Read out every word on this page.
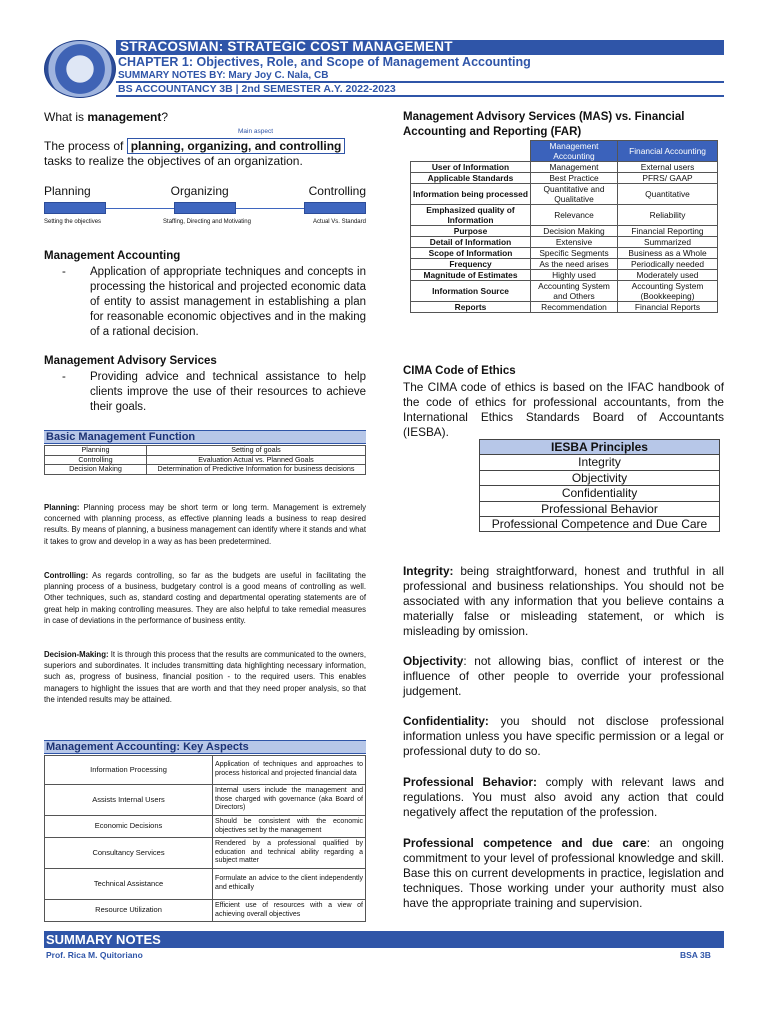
STRACOSMAN: STRATEGIC COST MANAGEMENT
CHAPTER 1: Objectives, Role, and Scope of Management Accounting
SUMMARY NOTES BY: Mary Joy C. Nala, CB
BS ACCOUNTANCY 3B | 2nd SEMESTER A.Y. 2022-2023
What is management?
Main aspect
The process of planning, organizing, and controlling
tasks to realize the objectives of an organization.
Planning	Organizing	Controlling
Setting the objectives	Staffing, Directing and Motivating	Actual Vs. Standard
Management Accounting
-	Application of appropriate techniques and concepts in processing the historical and projected economic data of entity to assist management in establishing a plan for reasonable economic objectives and in the making of a rational decision.
Management Advisory Services
-	Providing advice and technical assistance to help clients improve the use of their resources to achieve their goals.
Basic Management Function
Planning	Setting of goals
Controlling	Evaluation Actual vs. Planned Goals
Decision Making	Determination of Predictive Information for business decisions
Planning: Planning process may be short term or long term. Management is extremely concerned with planning process, as effective planning leads a business to reap desired results. By means of planning, a business management can identify where it stands and what it takes to grow and develop in a way as has been predetermined.
Controlling: As regards controlling, so far as the budgets are useful in facilitating the planning process of a business, budgetary control is a good means of controlling as well. Other techniques, such as, standard costing and departmental operating statements are of great help in making controlling measures. They are also helpful to take remedial measures in case of deviations in the performance of business entity.
Decision-Making: It is through this process that the results are communicated to the owners, superiors and subordinates. It includes transmitting data highlighting necessary information, such as, progress of business, financial position - to the required users. This enables managers to highlight the issues that are worth and that they need proper analysis, so that the intended results may be attained.
Management Accounting: Key Aspects
Information Processing	Application of techniques and approaches to process historical and projected financial data
Assists Internal Users	Internal users include the management and those charged with governance (aka Board of Directors)
Economic Decisions	Should be consistent with the economic objectives set by the management
Consultancy Services	Rendered by a professional qualified by education and technical ability regarding a subject matter
Technical Assistance	Formulate an advice to the client independently and ethically
Resource Utilization	Efficient use of resources with a view of achieving overall objectives
Management Advisory Services (MAS) vs. Financial Accounting and Reporting (FAR)
	Management Accounting	Financial Accounting
User of Information	Management	External users
Applicable Standards	Best Practice	PFRS/ GAAP
Information being processed	Quantitative and Qualitative	Quantitative
Emphasized quality of Information	Relevance	Reliability
Purpose	Decision Making	Financial Reporting
Detail of Information	Extensive	Summarized
Scope of Information	Specific Segments	Business as a Whole
Frequency	As the need arises	Periodically needed
Magnitude of Estimates	Highly used	Moderately used
Information Source	Accounting System and Others	Accounting System (Bookkeeping)
Reports	Recommendation	Financial Reports
CIMA Code of Ethics
The CIMA code of ethics is based on the IFAC handbook of the code of ethics for professional accountants, from the International Ethics Standards Board of Accountants (IESBA).
IESBA Principles
Integrity
Objectivity
Confidentiality
Professional Behavior
Professional Competence and Due Care
Integrity: being straightforward, honest and truthful in all professional and business relationships. You should not be associated with any information that you believe contains a materially false or misleading statement, or which is misleading by omission.
Objectivity: not allowing bias, conflict of interest or the influence of other people to override your professional judgement.
Confidentiality: you should not disclose professional information unless you have specific permission or a legal or professional duty to do so.
Professional Behavior: comply with relevant laws and regulations. You must also avoid any action that could negatively affect the reputation of the profession.
Professional competence and due care: an ongoing commitment to your level of professional knowledge and skill. Base this on current developments in practice, legislation and techniques. Those working under your authority must also have the appropriate training and supervision.
SUMMARY NOTES
Prof. Rica M. Quitoriano	BSA 3B
